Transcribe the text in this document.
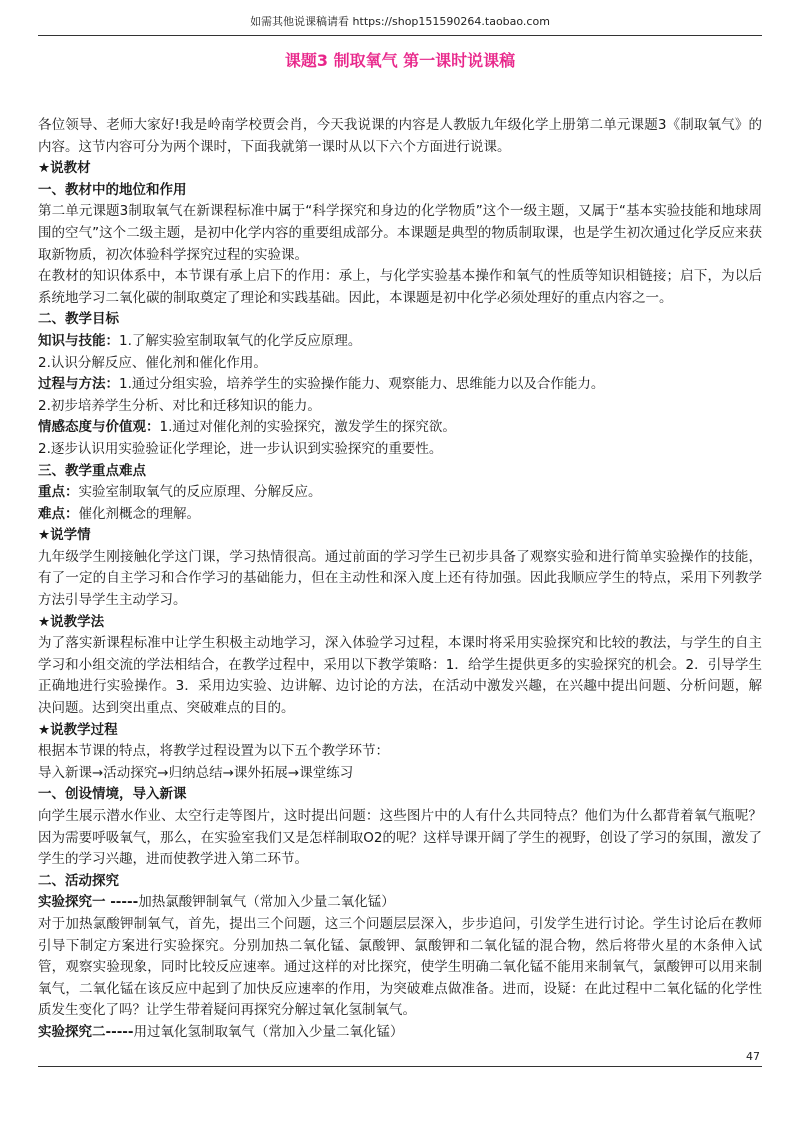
如需其他说课稿请看 https://shop151590264.taobao.com
课题3 制取氧气 第一课时说课稿

各位领导、老师大家好!我是岭南学校贾会肖，今天我说课的内容是人教版九年级化学上册第二单元课题3《制取氧气》的内容。这节内容可分为两个课时，下面我就第一课时从以下六个方面进行说课。

★说教材

一、教材中的地位和作用

第二单元课题3制取氧气在新课程标准中属于“科学探究和身边的化学物质”这个一级主题，又属于“基本实验技能和地球周围的空气”这个二级主题，是初中化学内容的重要组成部分。本课题是典型的物质制取课，也是学生初次通过化学反应来获取新物质，初次体验科学探究过程的实验课。

在教材的知识体系中，本节课有承上启下的作用：承上，与化学实验基本操作和氧气的性质等知识相链接；启下，为以后系统地学习二氧化碳的制取奠定了理论和实践基础。因此，本课题是初中化学必须处理好的重点内容之一。

二、教学目标

知识与技能：1.了解实验室制取氧气的化学反应原理。

2.认识分解反应、催化剂和催化作用。

过程与方法：1.通过分组实验，培养学生的实验操作能力、观察能力、思维能力以及合作能力。

2.初步培养学生分析、对比和迁移知识的能力。

情感态度与价值观：1.通过对催化剂的实验探究，激发学生的探究欲。

2.逐步认识用实验验证化学理论，进一步认识到实验探究的重要性。

三、教学重点难点

重点：实验室制取氧气的反应原理、分解反应。

难点：催化剂概念的理解。

★说学情

九年级学生刚接触化学这门课，学习热情很高。通过前面的学习学生已初步具备了观察实验和进行简单实验操作的技能，有了一定的自主学习和合作学习的基础能力，但在主动性和深入度上还有待加强。因此我顺应学生的特点，采用下列教学方法引导学生主动学习。

★说教学法

为了落实新课程标准中让学生积极主动地学习，深入体验学习过程，本课时将采用实验探究和比较的教法，与学生的自主学习和小组交流的学法相结合，在教学过程中，采用以下教学策略：1．给学生提供更多的实验探究的机会。2．引导学生正确地进行实验操作。3．采用边实验、边讲解、边讨论的方法，在活动中激发兴趣，在兴趣中提出问题、分析问题，解决问题。达到突出重点、突破难点的目的。

★说教学过程

根据本节课的特点，将教学过程设置为以下五个教学环节：

导入新课→活动探究→归纳总结→课外拓展→课堂练习

一、创设情境，导入新课

向学生展示潜水作业、太空行走等图片，这时提出问题：这些图片中的人有什么共同特点？他们为什么都背着氧气瓶呢？因为需要呼吸氧气，那么，在实验室我们又是怎样制取O2的呢？这样导课开阔了学生的视野，创设了学习的氛围，激发了学生的学习兴趣，进而使教学进入第二环节。

二、活动探究

实验探究一 -----加热氯酸钾制氧气（常加入少量二氧化锰）

对于加热氯酸钾制氧气，首先，提出三个问题，这三个问题层层深入，步步追问，引发学生进行讨论。学生讨论后在教师引导下制定方案进行实验探究。分别加热二氧化锰、氯酸钾、氯酸钾和二氧化锰的混合物，然后将带火星的木条伸入试管，观察实验现象，同时比较反应速率。通过这样的对比探究，使学生明确二氧化锰不能用来制氧气，氯酸钾可以用来制氧气，二氧化锰在该反应中起到了加快反应速率的作用，为突破难点做准备。进而，设疑：在此过程中二氧化锰的化学性质发生变化了吗？让学生带着疑问再探究分解过氧化氢制氧气。

实验探究二-----用过氧化氢制取氧气（常加入少量二氧化锰）

47
